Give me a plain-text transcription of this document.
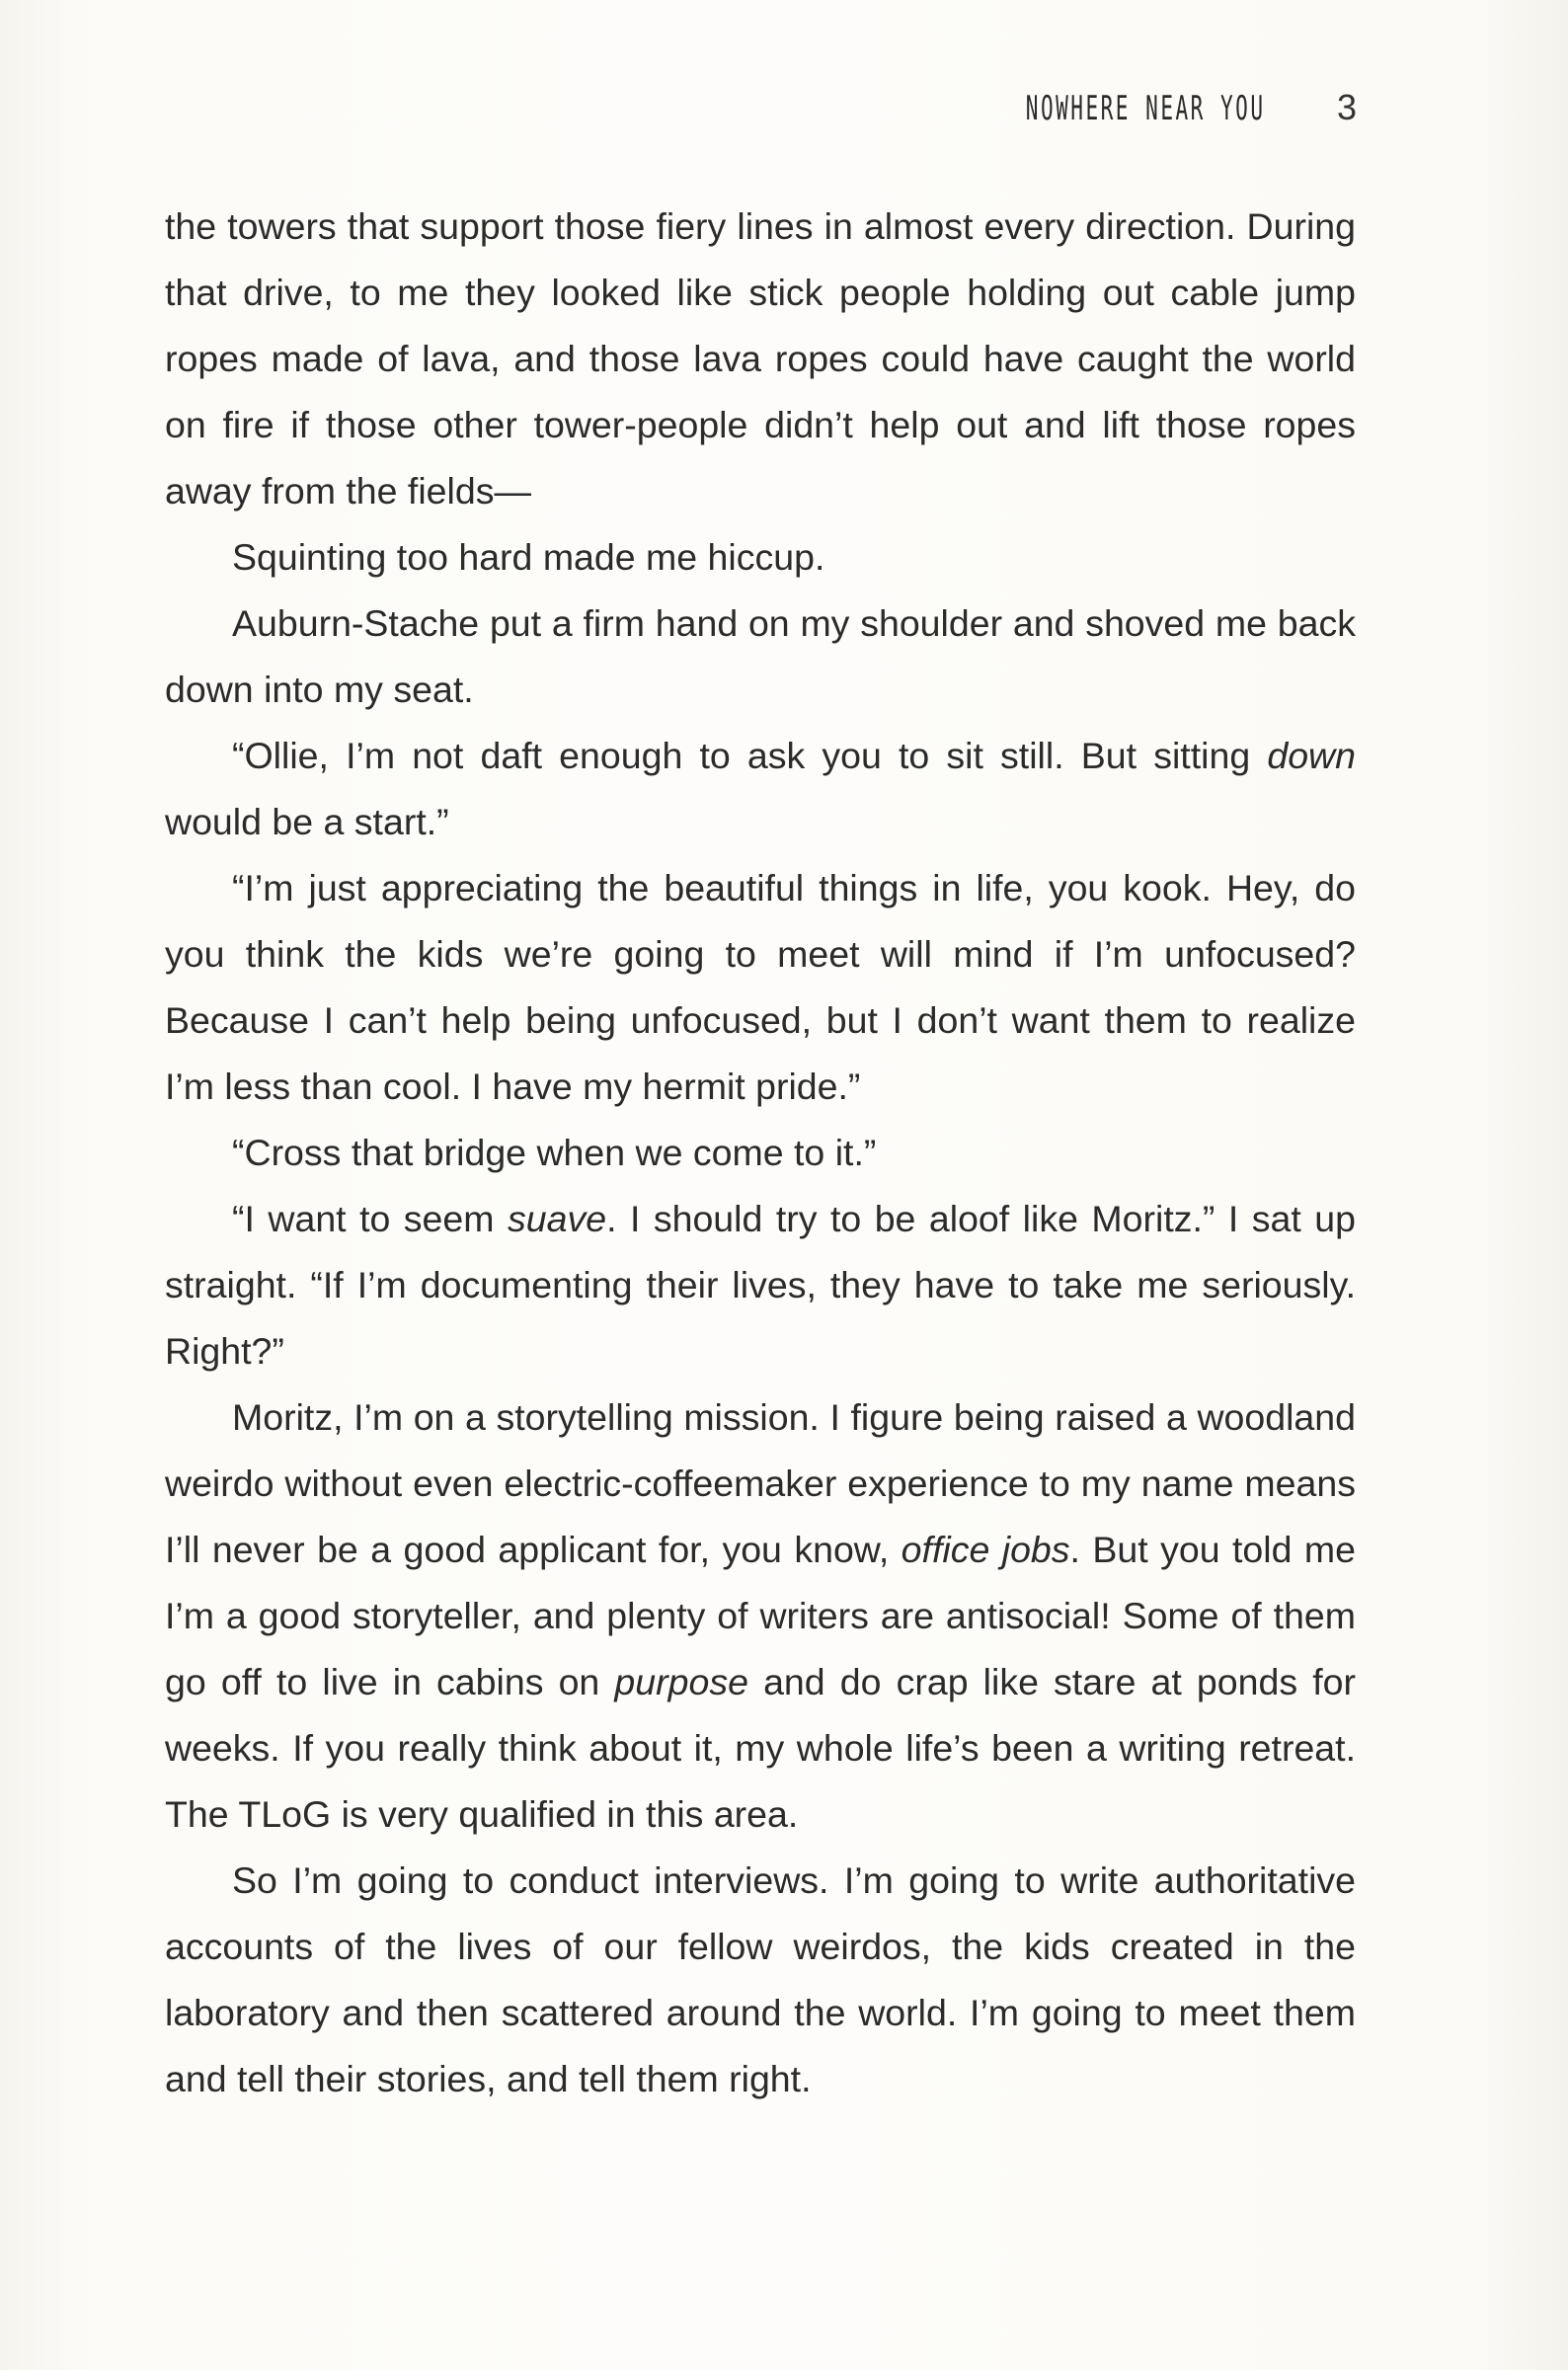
NOWHERE NEAR YOU 3

the towers that support those fiery lines in almost every direction. During that drive, to me they looked like stick people holding out cable jump ropes made of lava, and those lava ropes could have caught the world on fire if those other tower-people didn’t help out and lift those ropes away from the fields—

Squinting too hard made me hiccup.

Auburn-Stache put a firm hand on my shoulder and shoved me back down into my seat.

“Ollie, I’m not daft enough to ask you to sit still. But sitting down would be a start.”

“I’m just appreciating the beautiful things in life, you kook. Hey, do you think the kids we’re going to meet will mind if I’m unfocused? Because I can’t help being unfocused, but I don’t want them to realize I’m less than cool. I have my hermit pride.”

“Cross that bridge when we come to it.”

“I want to seem suave. I should try to be aloof like Moritz.” I sat up straight. “If I’m documenting their lives, they have to take me seriously. Right?”

Moritz, I’m on a storytelling mission. I figure being raised a woodland weirdo without even electric-coffeemaker experience to my name means I’ll never be a good applicant for, you know, office jobs. But you told me I’m a good storyteller, and plenty of writers are antisocial! Some of them go off to live in cabins on purpose and do crap like stare at ponds for weeks. If you really think about it, my whole life’s been a writing retreat. The TLoG is very qualified in this area.

So I’m going to conduct interviews. I’m going to write authoritative accounts of the lives of our fellow weirdos, the kids created in the laboratory and then scattered around the world. I’m going to meet them and tell their stories, and tell them right.
